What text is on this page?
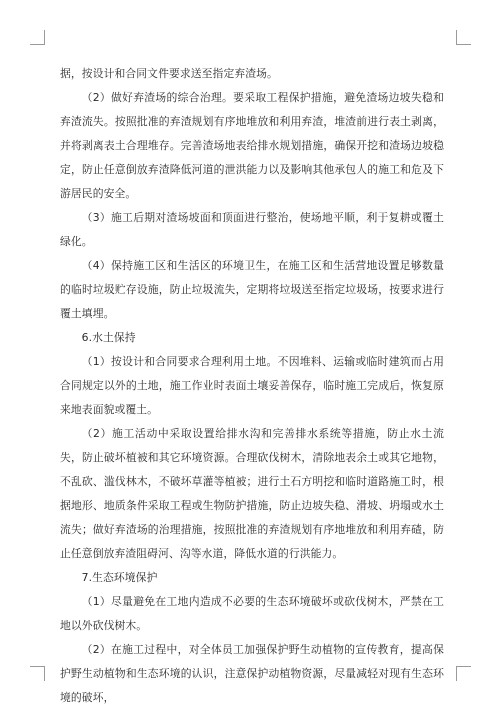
据，按设计和合同文件要求送至指定弃渣场。

（2）做好弃渣场的综合治理。要采取工程保护措施，避免渣场边坡失稳和弃渣流失。按照批准的弃渣规划有序地堆放和利用弃渣，堆渣前进行表土剥离，并将剥离表土合理堆存。完善渣场地表给排水规划措施，确保开挖和渣场边坡稳定，防止任意倒放弃渣降低河道的泄洪能力以及影响其他承包人的施工和危及下游居民的安全。

（3）施工后期对渣场坡面和顶面进行整治，使场地平顺，利于复耕或覆土绿化。

（4）保持施工区和生活区的环境卫生，在施工区和生活营地设置足够数量的临时垃圾贮存设施，防止垃圾流失，定期将垃圾送至指定垃圾场，按要求进行覆土填埋。

6.水土保持

（1）按设计和合同要求合理利用土地。不因堆料、运输或临时建筑而占用合同规定以外的土地，施工作业时表面土壤妥善保存，临时施工完成后，恢复原来地表面貌或覆土。

（2）施工活动中采取设置给排水沟和完善排水系统等措施，防止水土流失，防止破坏植被和其它环境资源。合理砍伐树木，清除地表余土或其它地物，不乱砍、滥伐林木，不破坏草灌等植被；进行土石方明挖和临时道路施工时，根据地形、地质条件采取工程或生物防护措施，防止边坡失稳、滑坡、坍塌或水土流失；做好弃渣场的治理措施，按照批准的弃渣规划有序地堆放和利用弃碴，防止任意倒放弃渣阻碍河、沟等水道，降低水道的行洪能力。

7.生态环境保护

（1）尽量避免在工地内造成不必要的生态环境破坏或砍伐树木，严禁在工地以外砍伐树木。

（2）在施工过程中，对全体员工加强保护野生动植物的宣传教育，提高保护野生动植物和生态环境的认识，注意保护动植物资源，尽量减轻对现有生态环境的破坏，
